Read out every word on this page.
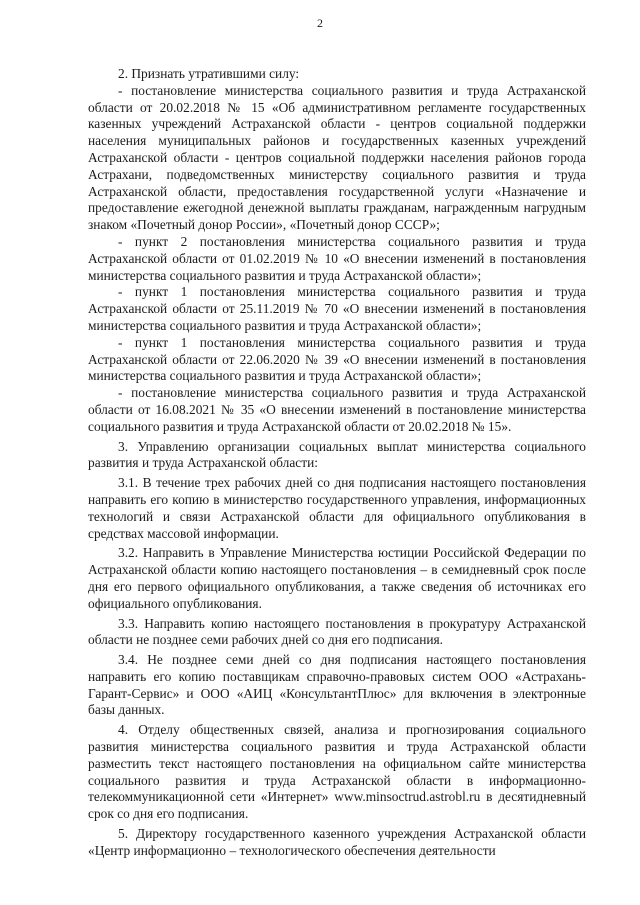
2

2. Признать утратившими силу:

- постановление министерства социального развития и труда Астраханской области от 20.02.2018 № 15 «Об административном регламенте государственных казенных учреждений Астраханской области - центров социальной поддержки населения муниципальных районов и государственных казенных учреждений Астраханской области - центров социальной поддержки населения районов города Астрахани, подведомственных министерству социального развития и труда Астраханской области, предоставления государственной услуги «Назначение и предоставление ежегодной денежной выплаты гражданам, награжденным нагрудным знаком «Почетный донор России», «Почетный донор СССР»;

- пункт 2 постановления министерства социального развития и труда Астраханской области от 01.02.2019 № 10 «О внесении изменений в постановления министерства социального развития и труда Астраханской области»;

- пункт 1 постановления министерства социального развития и труда Астраханской области от 25.11.2019 № 70 «О внесении изменений в постановления министерства социального развития и труда Астраханской области»;

- пункт 1 постановления министерства социального развития и труда Астраханской области от 22.06.2020 № 39 «О внесении изменений в постановления министерства социального развития и труда Астраханской области»;

- постановление министерства социального развития и труда Астраханской области от 16.08.2021 № 35 «О внесении изменений в постановление министерства социального развития и труда Астраханской области от 20.02.2018 № 15».

3. Управлению организации социальных выплат министерства социального развития и труда Астраханской области:

3.1. В течение трех рабочих дней со дня подписания настоящего постановления направить его копию в министерство государственного управления, информационных технологий и связи Астраханской области для официального опубликования в средствах массовой информации.

3.2. Направить в Управление Министерства юстиции Российской Федерации по Астраханской области копию настоящего постановления – в семидневный срок после дня его первого официального опубликования, а также сведения об источниках его официального опубликования.

3.3. Направить копию настоящего постановления в прокуратуру Астраханской области не позднее семи рабочих дней со дня его подписания.

3.4. Не позднее семи дней со дня подписания настоящего постановления направить его копию поставщикам справочно-правовых систем ООО «Астрахань-Гарант-Сервис» и ООО «АИЦ «КонсультантПлюс» для включения в электронные базы данных.

4. Отделу общественных связей, анализа и прогнозирования социального развития министерства социального развития и труда Астраханской области разместить текст настоящего постановления на официальном сайте министерства социального развития и труда Астраханской области в информационно-телекоммуникационной сети «Интернет» www.minsoctrud.astrobl.ru в десятидневный срок со дня его подписания.

5. Директору государственного казенного учреждения Астраханской области «Центр информационно – технологического обеспечения деятельности
